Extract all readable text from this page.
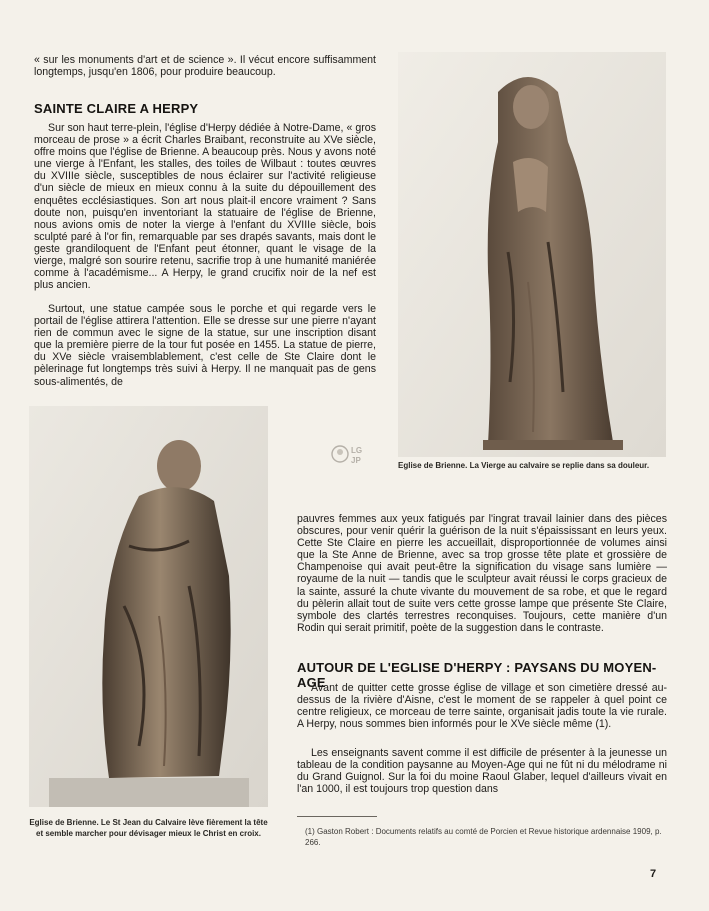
« sur les monuments d'art et de science ». Il vécut encore suffisamment longtemps, jusqu'en 1806, pour produire beaucoup.

SAINTE CLAIRE A HERPY

Sur son haut terre-plein, l'église d'Herpy dédiée à Notre-Dame, « gros morceau de prose » a écrit Charles Braibant, reconstruite au XVe siècle, offre moins que l'église de Brienne. A beaucoup près. Nous y avons noté une vierge à l'Enfant, les stalles, des toiles de Wilbaut : toutes œuvres du XVIIIe siècle, susceptibles de nous éclairer sur l'activité religieuse d'un siècle de mieux en mieux connu à la suite du dépouillement des enquêtes ecclésiastiques. Son art nous plait-il encore vraiment ? Sans doute non, puisqu'en inventoriant la statuaire de l'église de Brienne, nous avions omis de noter la vierge à l'enfant du XVIIIe siècle, bois sculpté paré à l'or fin, remarquable par ses drapés savants, mais dont le geste grandiloquent de l'Enfant peut étonner, quant le visage de la vierge, malgré son sourire retenu, sacrifie trop à une humanité maniérée comme à l'académisme... A Herpy, le grand crucifix noir de la nef est plus ancien.

Surtout, une statue campée sous le porche et qui regarde vers le portail de l'église attirera l'attention. Elle se dresse sur une pierre n'ayant rien de commun avec le signe de la statue, sur une inscription disant que la première pierre de la tour fut posée en 1455. La statue de pierre, du XVe siècle vraisemblablement, c'est celle de Ste Claire dont le pèlerinage fut longtemps très suivi à Herpy. Il ne manquait pas de gens sous-alimentés, de

Eglise de Brienne. La Vierge au calvaire se replie dans sa douleur.

LG
JP

Eglise de Brienne. Le St Jean du Calvaire lève fièrement la tête et semble marcher pour dévisager mieux le Christ en croix.

pauvres femmes aux yeux fatigués par l'ingrat travail lainier dans des pièces obscures, pour venir quérir la guérison de la nuit s'épaississant en leurs yeux. Cette Ste Claire en pierre les accueillait, disproportionnée de volumes ainsi que la Ste Anne de Brienne, avec sa trop grosse tête plate et grossière de Champenoise qui avait peut-être la signification du visage sans lumière — royaume de la nuit — tandis que le sculpteur avait réussi le corps gracieux de la sainte, assuré la chute vivante du mouvement de sa robe, et que le regard du pèlerin allait tout de suite vers cette grosse lampe que présente Ste Claire, symbole des clartés terrestres reconquises. Toujours, cette manière d'un Rodin qui serait primitif, poète de la suggestion dans le contraste.

AUTOUR DE L'EGLISE D'HERPY : PAYSANS DU MOYEN-AGE

Avant de quitter cette grosse église de village et son cimetière dressé au-dessus de la rivière d'Aisne, c'est le moment de se rappeler à quel point ce centre religieux, ce morceau de terre sainte, organisait jadis toute la vie rurale. A Herpy, nous sommes bien informés pour le XVe siècle même (1).

Les enseignants savent comme il est difficile de présenter à la jeunesse un tableau de la condition paysanne au Moyen-Age qui ne fût ni du mélodrame ni du Grand Guignol. Sur la foi du moine Raoul Glaber, lequel d'ailleurs vivait en l'an 1000, il est toujours trop question dans

(1) Gaston Robert : Documents relatifs au comté de Porcien et Revue historique ardennaise 1909, p. 266.

7
